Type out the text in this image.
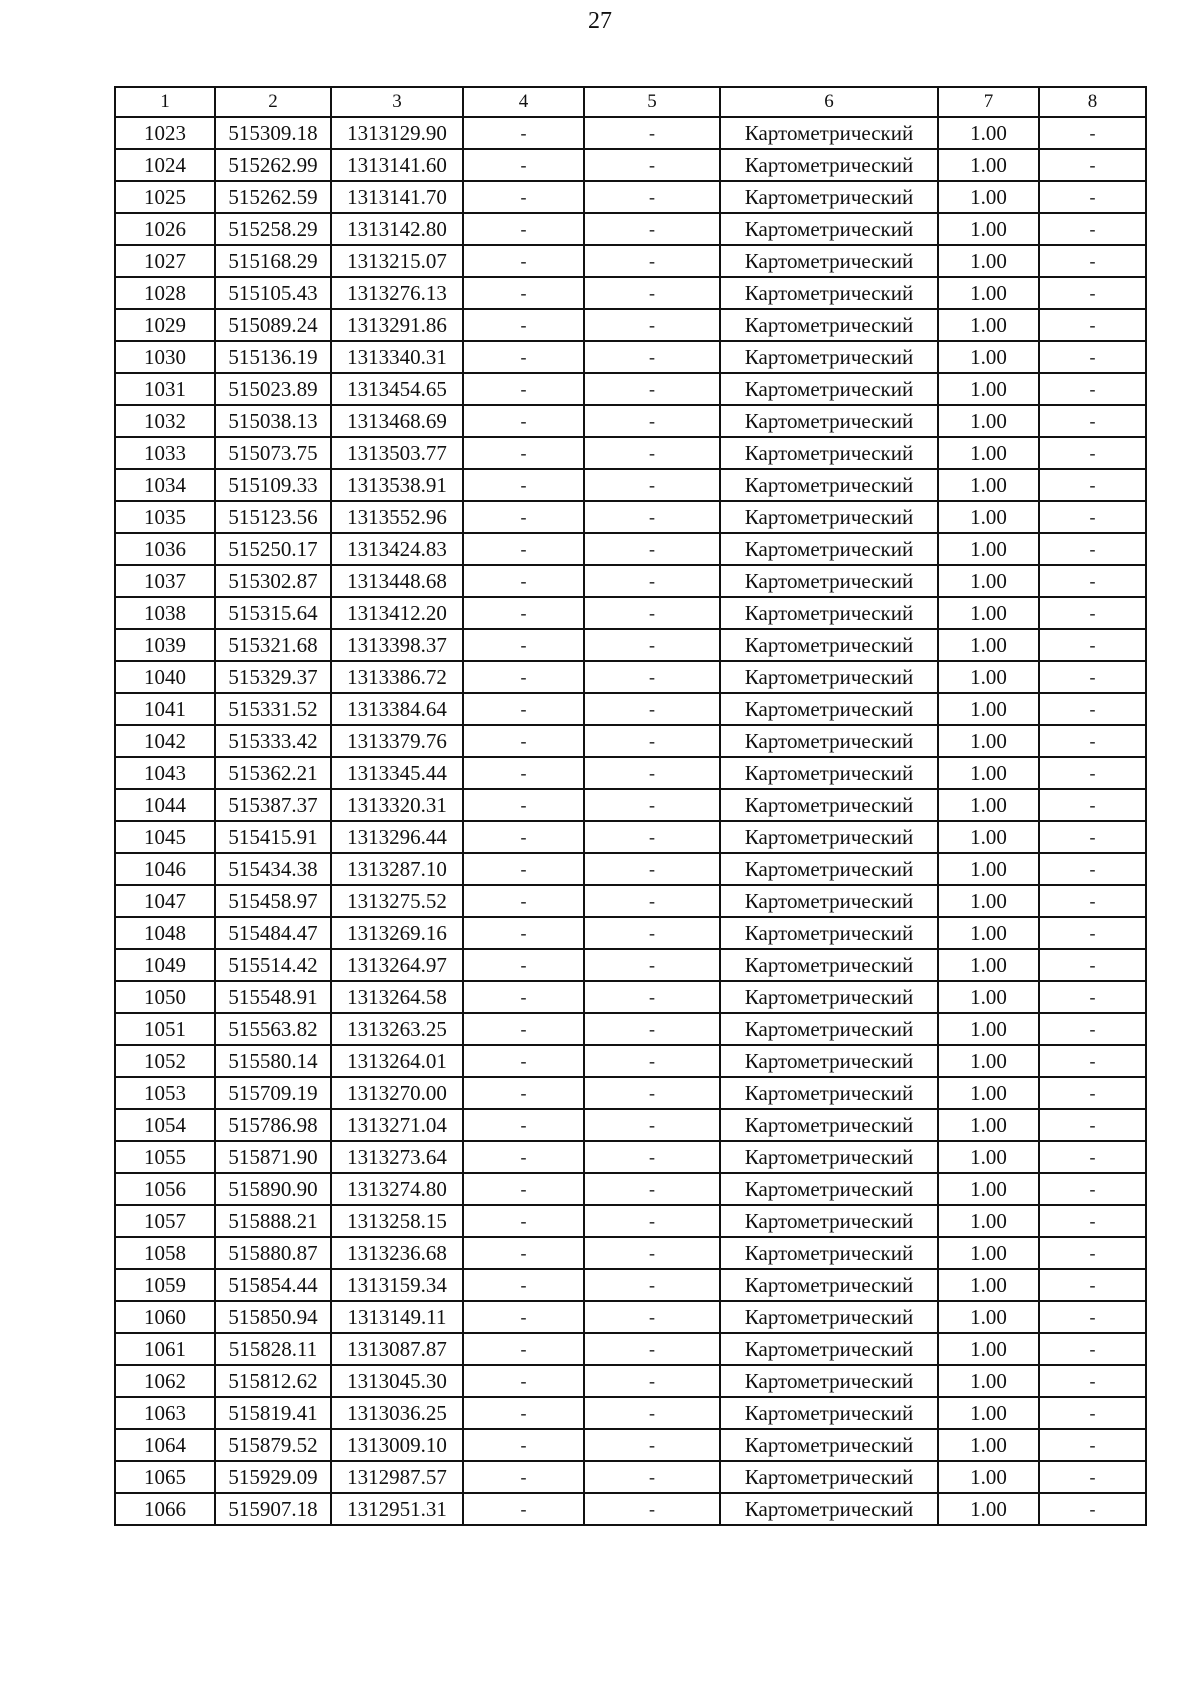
27
1	2	3	4	5	6	7	8
1023	515309.18	1313129.90	-	-	Картометрический	1.00	-
1024	515262.99	1313141.60	-	-	Картометрический	1.00	-
1025	515262.59	1313141.70	-	-	Картометрический	1.00	-
1026	515258.29	1313142.80	-	-	Картометрический	1.00	-
1027	515168.29	1313215.07	-	-	Картометрический	1.00	-
1028	515105.43	1313276.13	-	-	Картометрический	1.00	-
1029	515089.24	1313291.86	-	-	Картометрический	1.00	-
1030	515136.19	1313340.31	-	-	Картометрический	1.00	-
1031	515023.89	1313454.65	-	-	Картометрический	1.00	-
1032	515038.13	1313468.69	-	-	Картометрический	1.00	-
1033	515073.75	1313503.77	-	-	Картометрический	1.00	-
1034	515109.33	1313538.91	-	-	Картометрический	1.00	-
1035	515123.56	1313552.96	-	-	Картометрический	1.00	-
1036	515250.17	1313424.83	-	-	Картометрический	1.00	-
1037	515302.87	1313448.68	-	-	Картометрический	1.00	-
1038	515315.64	1313412.20	-	-	Картометрический	1.00	-
1039	515321.68	1313398.37	-	-	Картометрический	1.00	-
1040	515329.37	1313386.72	-	-	Картометрический	1.00	-
1041	515331.52	1313384.64	-	-	Картометрический	1.00	-
1042	515333.42	1313379.76	-	-	Картометрический	1.00	-
1043	515362.21	1313345.44	-	-	Картометрический	1.00	-
1044	515387.37	1313320.31	-	-	Картометрический	1.00	-
1045	515415.91	1313296.44	-	-	Картометрический	1.00	-
1046	515434.38	1313287.10	-	-	Картометрический	1.00	-
1047	515458.97	1313275.52	-	-	Картометрический	1.00	-
1048	515484.47	1313269.16	-	-	Картометрический	1.00	-
1049	515514.42	1313264.97	-	-	Картометрический	1.00	-
1050	515548.91	1313264.58	-	-	Картометрический	1.00	-
1051	515563.82	1313263.25	-	-	Картометрический	1.00	-
1052	515580.14	1313264.01	-	-	Картометрический	1.00	-
1053	515709.19	1313270.00	-	-	Картометрический	1.00	-
1054	515786.98	1313271.04	-	-	Картометрический	1.00	-
1055	515871.90	1313273.64	-	-	Картометрический	1.00	-
1056	515890.90	1313274.80	-	-	Картометрический	1.00	-
1057	515888.21	1313258.15	-	-	Картометрический	1.00	-
1058	515880.87	1313236.68	-	-	Картометрический	1.00	-
1059	515854.44	1313159.34	-	-	Картометрический	1.00	-
1060	515850.94	1313149.11	-	-	Картометрический	1.00	-
1061	515828.11	1313087.87	-	-	Картометрический	1.00	-
1062	515812.62	1313045.30	-	-	Картометрический	1.00	-
1063	515819.41	1313036.25	-	-	Картометрический	1.00	-
1064	515879.52	1313009.10	-	-	Картометрический	1.00	-
1065	515929.09	1312987.57	-	-	Картометрический	1.00	-
1066	515907.18	1312951.31	-	-	Картометрический	1.00	-
